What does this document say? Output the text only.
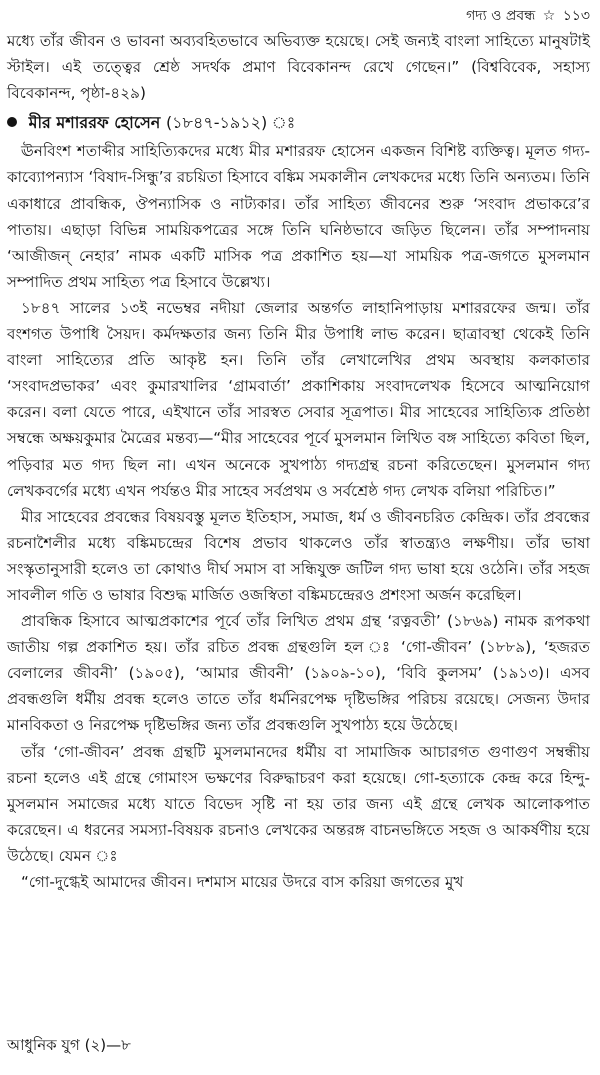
গদ্য ও প্রবন্ধ ☆ ১১৩

মধ্যে তাঁর জীবন ও ভাবনা অব্যবহিতভাবে অভিব্যক্ত হয়েছে। সেই জন্যই বাংলা সাহিত্যে মানুষটাই স্টাইল। এই তত্ত্বের শ্রেষ্ঠ সদর্থক প্রমাণ বিবেকানন্দ রেখে গেছেন।” (বিশ্ববিবেক, সহাস্য বিবেকানন্দ, পৃষ্ঠা-৪২৯)

মীর মশাররফ হোসেন (১৮৪৭-১৯১২) ঃ

ঊনবিংশ শতাব্দীর সাহিত্যিকদের মধ্যে মীর মশাররফ হোসেন একজন বিশিষ্ট ব্যক্তিত্ব। মূলত গদ্য-কাব্যোপন্যাস ‘বিষাদ-সিন্ধু’র রচয়িতা হিসাবে বঙ্কিম সমকালীন লেখকদের মধ্যে তিনি অন্যতম। তিনি একাধারে প্রাবন্ধিক, ঔপন্যাসিক ও নাট্যকার। তাঁর সাহিত্য জীবনের শুরু ‘সংবাদ প্রভাকরে’র পাতায়। এছাড়া বিভিন্ন সাময়িকপত্রের সঙ্গে তিনি ঘনিষ্ঠভাবে জড়িত ছিলেন। তাঁর সম্পাদনায় ‘আজীজন্ নেহার’ নামক একটি মাসিক পত্র প্রকাশিত হয়—যা সাময়িক পত্র-জগতে মুসলমান সম্পাদিত প্রথম সাহিত্য পত্র হিসাবে উল্লেখ্য।

১৮৪৭ সালের ১৩ই নভেম্বর নদীয়া জেলার অন্তর্গত লাহানিপাড়ায় মশাররফের জন্ম। তাঁর বংশগত উপাধি সৈয়দ। কর্মদক্ষতার জন্য তিনি মীর উপাধি লাভ করেন। ছাত্রাবস্থা থেকেই তিনি বাংলা সাহিত্যের প্রতি আকৃষ্ট হন। তিনি তাঁর লেখালেখির প্রথম অবস্থায় কলকাতার ‘সংবাদপ্রভাকর’ এবং কুমারখালির ‘গ্রামবার্তা’ প্রকাশিকায় সংবাদলেখক হিসেবে আত্মনিয়োগ করেন। বলা যেতে পারে, এইখানে তাঁর সারস্বত সেবার সূত্রপাত। মীর সাহেবের সাহিত্যিক প্রতিষ্ঠা সম্বন্ধে অক্ষয়কুমার মৈত্রের মন্তব্য—“মীর সাহেবের পূর্বে মুসলমান লিখিত বঙ্গ সাহিত্যে কবিতা ছিল, পড়িবার মত গদ্য ছিল না। এখন অনেকে সুখপাঠ্য গদ্যগ্রন্থ রচনা করিতেছেন। মুসলমান গদ্য লেখকবর্গের মধ্যে এখন পর্যন্তও মীর সাহেব সর্বপ্রথম ও সর্বশ্রেষ্ঠ গদ্য লেখক বলিয়া পরিচিত।”

মীর সাহেবের প্রবন্ধের বিষয়বস্তু মূলত ইতিহাস, সমাজ, ধর্ম ও জীবনচরিত কেন্দ্রিক। তাঁর প্রবন্ধের রচনাশৈলীর মধ্যে বঙ্কিমচন্দ্রের বিশেষ প্রভাব থাকলেও তাঁর স্বাতন্ত্র্যও লক্ষণীয়। তাঁর ভাষা সংস্কৃতানুসারী হলেও তা কোথাও দীর্ঘ সমাস বা সন্ধিযুক্ত জটিল গদ্য ভাষা হয়ে ওঠেনি। তাঁর সহজ সাবলীল গতি ও ভাষার বিশুদ্ধ মার্জিত ওজস্বিতা বঙ্কিমচন্দ্রেরও প্রশংসা অর্জন করেছিল।

প্রাবন্ধিক হিসাবে আত্মপ্রকাশের পূর্বে তাঁর লিখিত প্রথম গ্রন্থ ‘রত্নবতী’ (১৮৬৯) নামক রূপকথা জাতীয় গল্প প্রকাশিত হয়। তাঁর রচিত প্রবন্ধ গ্রন্থগুলি হল ঃ ‘গো-জীবন’ (১৮৮৯), ‘হজরত বেলালের জীবনী’ (১৯০৫), ‘আমার জীবনী’ (১৯০৯-১০), ‘বিবি কুলসম’ (১৯১৩)। এসব প্রবন্ধগুলি ধর্মীয় প্রবন্ধ হলেও তাতে তাঁর ধর্মনিরপেক্ষ দৃষ্টিভঙ্গির পরিচয় রয়েছে। সেজন্য উদার মানবিকতা ও নিরপেক্ষ দৃষ্টিভঙ্গির জন্য তাঁর প্রবন্ধগুলি সুখপাঠ্য হয়ে উঠেছে।

তাঁর ‘গো-জীবন’ প্রবন্ধ গ্রন্থটি মুসলমানদের ধর্মীয় বা সামাজিক আচারগত গুণাগুণ সম্বন্ধীয় রচনা হলেও এই গ্রন্থে গোমাংস ভক্ষণের বিরুদ্ধাচরণ করা হয়েছে। গো-হত্যাকে কেন্দ্র করে হিন্দু-মুসলমান সমাজের মধ্যে যাতে বিভেদ সৃষ্টি না হয় তার জন্য এই গ্রন্থে লেখক আলোকপাত করেছেন। এ ধরনের সমস্যা-বিষয়ক রচনাও লেখকের অন্তরঙ্গ বাচনভঙ্গিতে সহজ ও আকর্ষণীয় হয়ে উঠেছে। যেমন ঃ

“গো-দুগ্ধেই আমাদের জীবন। দশমাস মায়ের উদরে বাস করিয়া জগতের মুখ

আধুনিক যুগ (২)—৮
